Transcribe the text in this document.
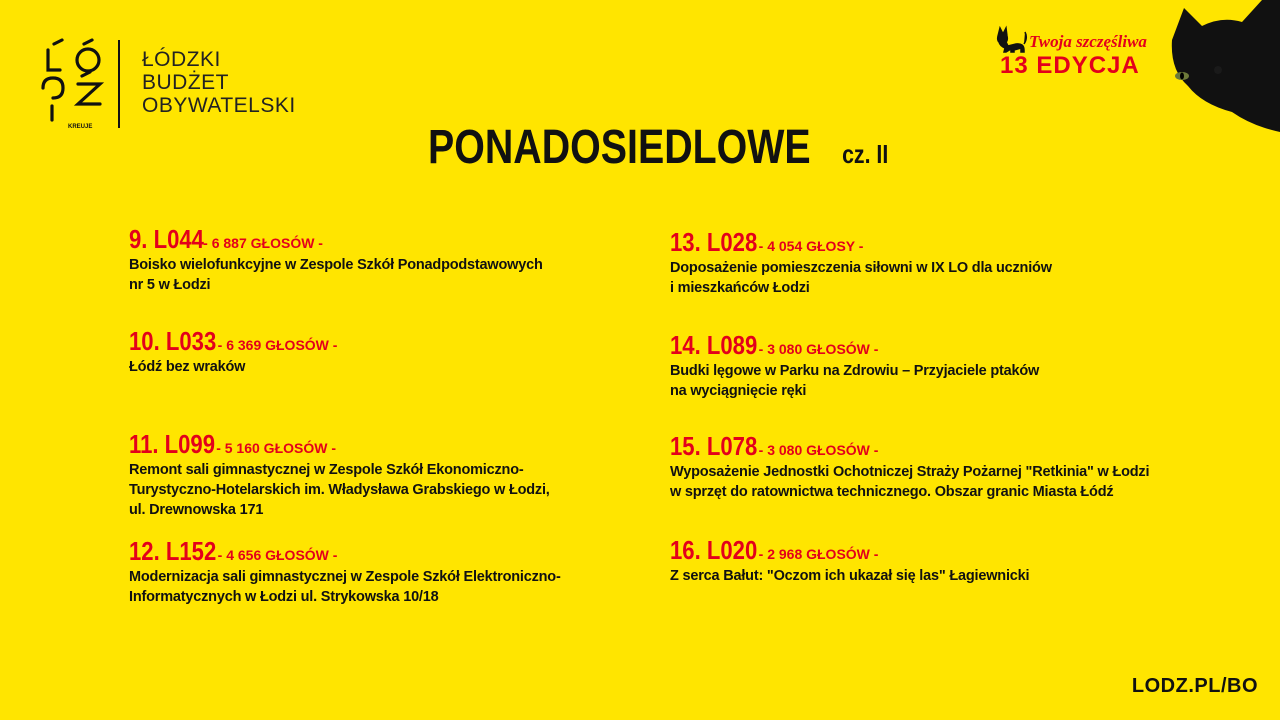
KREUJE
ŁÓDZKI
BUDŻET
OBYWATELSKI
Twoja szczęśliwa
13 EDYCJA
PONADOSIEDLOWE cz. II
9. L044- 6 887 GŁOSÓW -
Boisko wielofunkcyjne w Zespole Szkół Ponadpodstawowych
nr 5 w Łodzi
10. L033- 6 369 GŁOSÓW -
Łódź bez wraków
11. L099- 5 160 GŁOSÓW -
Remont sali gimnastycznej w Zespole Szkół Ekonomiczno-
Turystyczno-Hotelarskich im. Władysława Grabskiego w Łodzi,
ul. Drewnowska 171
12. L152- 4 656 GŁOSÓW -
Modernizacja sali gimnastycznej w Zespole Szkół Elektroniczno-
Informatycznych w Łodzi ul. Strykowska 10/18
13. L028- 4 054 GŁOSY -
Doposażenie pomieszczenia siłowni w IX LO dla uczniów
i mieszkańców Łodzi
14. L089- 3 080 GŁOSÓW -
Budki lęgowe w Parku na Zdrowiu – Przyjaciele ptaków
na wyciągnięcie ręki
15. L078- 3 080 GŁOSÓW -
Wyposażenie Jednostki Ochotniczej Straży Pożarnej "Retkinia" w Łodzi
w sprzęt do ratownictwa technicznego. Obszar granic Miasta Łódź
16. L020- 2 968 GŁOSÓW -
Z serca Bałut: "Oczom ich ukazał się las" Łagiewnicki
LODZ.PL/BO
